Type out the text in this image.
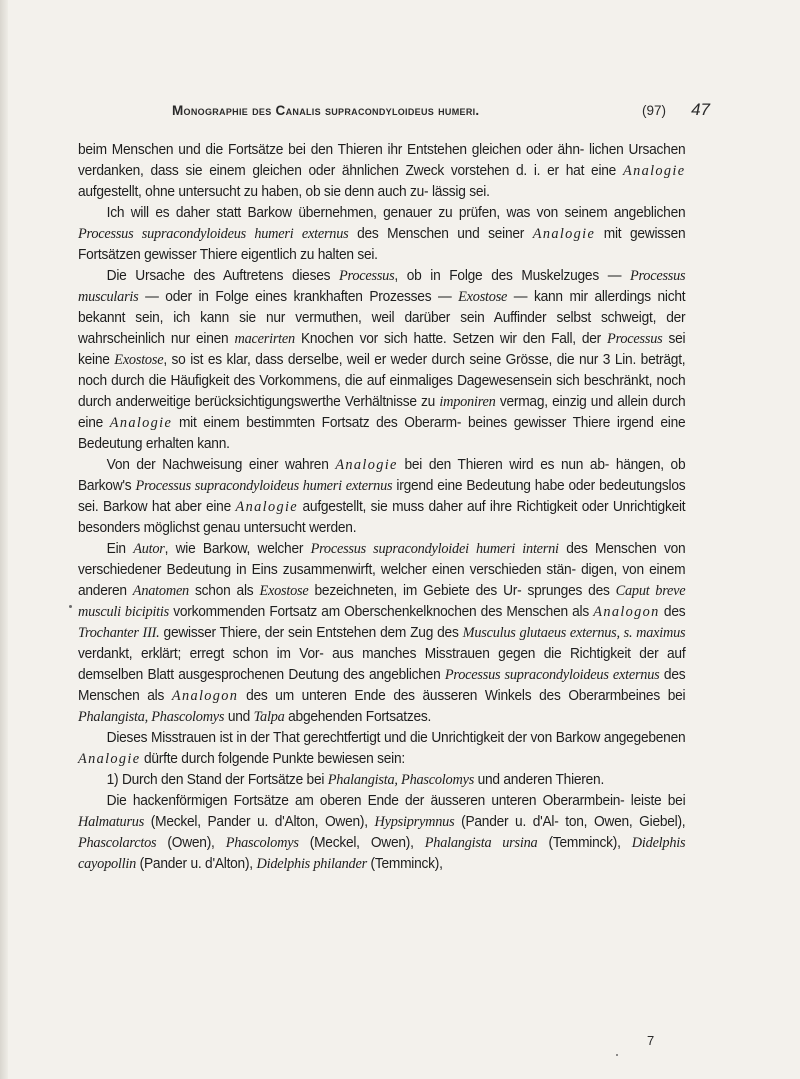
Monographie des Canalis supracondyloideus humeri.	(97) 47

beim Menschen und die Fortsätze bei den Thieren ihr Entstehen gleichen oder ähn- lichen Ursachen verdanken, dass sie einem gleichen oder ähnlichen Zweck vorstehen d. i. er hat eine Analogie aufgestellt, ohne untersucht zu haben, ob sie denn auch zu- lässig sei.

Ich will es daher statt Barkow übernehmen, genauer zu prüfen, was von seinem angeblichen Processus supracondyloideus humeri externus des Menschen und seiner Analogie mit gewissen Fortsätzen gewisser Thiere eigentlich zu halten sei.

Die Ursache des Auftretens dieses Processus, ob in Folge des Muskelzuges — Processus muscularis — oder in Folge eines krankhaften Prozesses — Exostose — kann mir allerdings nicht bekannt sein, ich kann sie nur vermuthen, weil darüber sein Auffinder selbst schweigt, der wahrscheinlich nur einen macerirten Knochen vor sich hatte. Setzen wir den Fall, der Processus sei keine Exostose, so ist es klar, dass derselbe, weil er weder durch seine Grösse, die nur 3 Lin. beträgt, noch durch die Häufigkeit des Vorkommens, die auf einmaliges Dagewesensein sich beschränkt, noch durch anderweitige berücksichtigungswerthe Verhältnisse zu imponiren vermag, einzig und allein durch eine Analogie mit einem bestimmten Fortsatz des Oberarm- beines gewisser Thiere irgend eine Bedeutung erhalten kann.

Von der Nachweisung einer wahren Analogie bei den Thieren wird es nun ab- hängen, ob Barkow's Processus supracondyloideus humeri externus irgend eine Bedeutung habe oder bedeutungslos sei. Barkow hat aber eine Analogie aufgestellt, sie muss daher auf ihre Richtigkeit oder Unrichtigkeit besonders möglichst genau untersucht werden.

Ein Autor, wie Barkow, welcher Processus supracondyloidei humeri interni des Menschen von verschiedener Bedeutung in Eins zusammenwirft, welcher einen verschieden stän- digen, von einem anderen Anatomen schon als Exostose bezeichneten, im Gebiete des Ur- sprunges des Caput breve musculi bicipitis vorkommenden Fortsatz am Oberschenkelknochen des Menschen als Analogon des Trochanter III. gewisser Thiere, der sein Entstehen dem Zug des Musculus glutaeus externus, s. maximus verdankt, erklärt; erregt schon im Vor- aus manches Misstrauen gegen die Richtigkeit der auf demselben Blatt ausgesprochenen Deutung des angeblichen Processus supracondyloideus externus des Menschen als Analogon des um unteren Ende des äusseren Winkels des Oberarmbeines bei Phalangista, Phascolomys und Talpa abgehenden Fortsatzes.

Dieses Misstrauen ist in der That gerechtfertigt und die Unrichtigkeit der von Barkow angegebenen Analogie dürfte durch folgende Punkte bewiesen sein:

1) Durch den Stand der Fortsätze bei Phalangista, Phascolomys und anderen Thieren.

Die hackenförmigen Fortsätze am oberen Ende der äusseren unteren Oberarmbein- leiste bei Halmaturus (Meckel, Pander u. d'Alton, Owen), Hypsiprymnus (Pander u. d'Al- ton, Owen, Giebel), Phascolarctos (Owen), Phascolomys (Meckel, Owen), Phalangista ursina (Temminck), Didelphis cayopollin (Pander u. d'Alton), Didelphis philander (Temminck),

7
